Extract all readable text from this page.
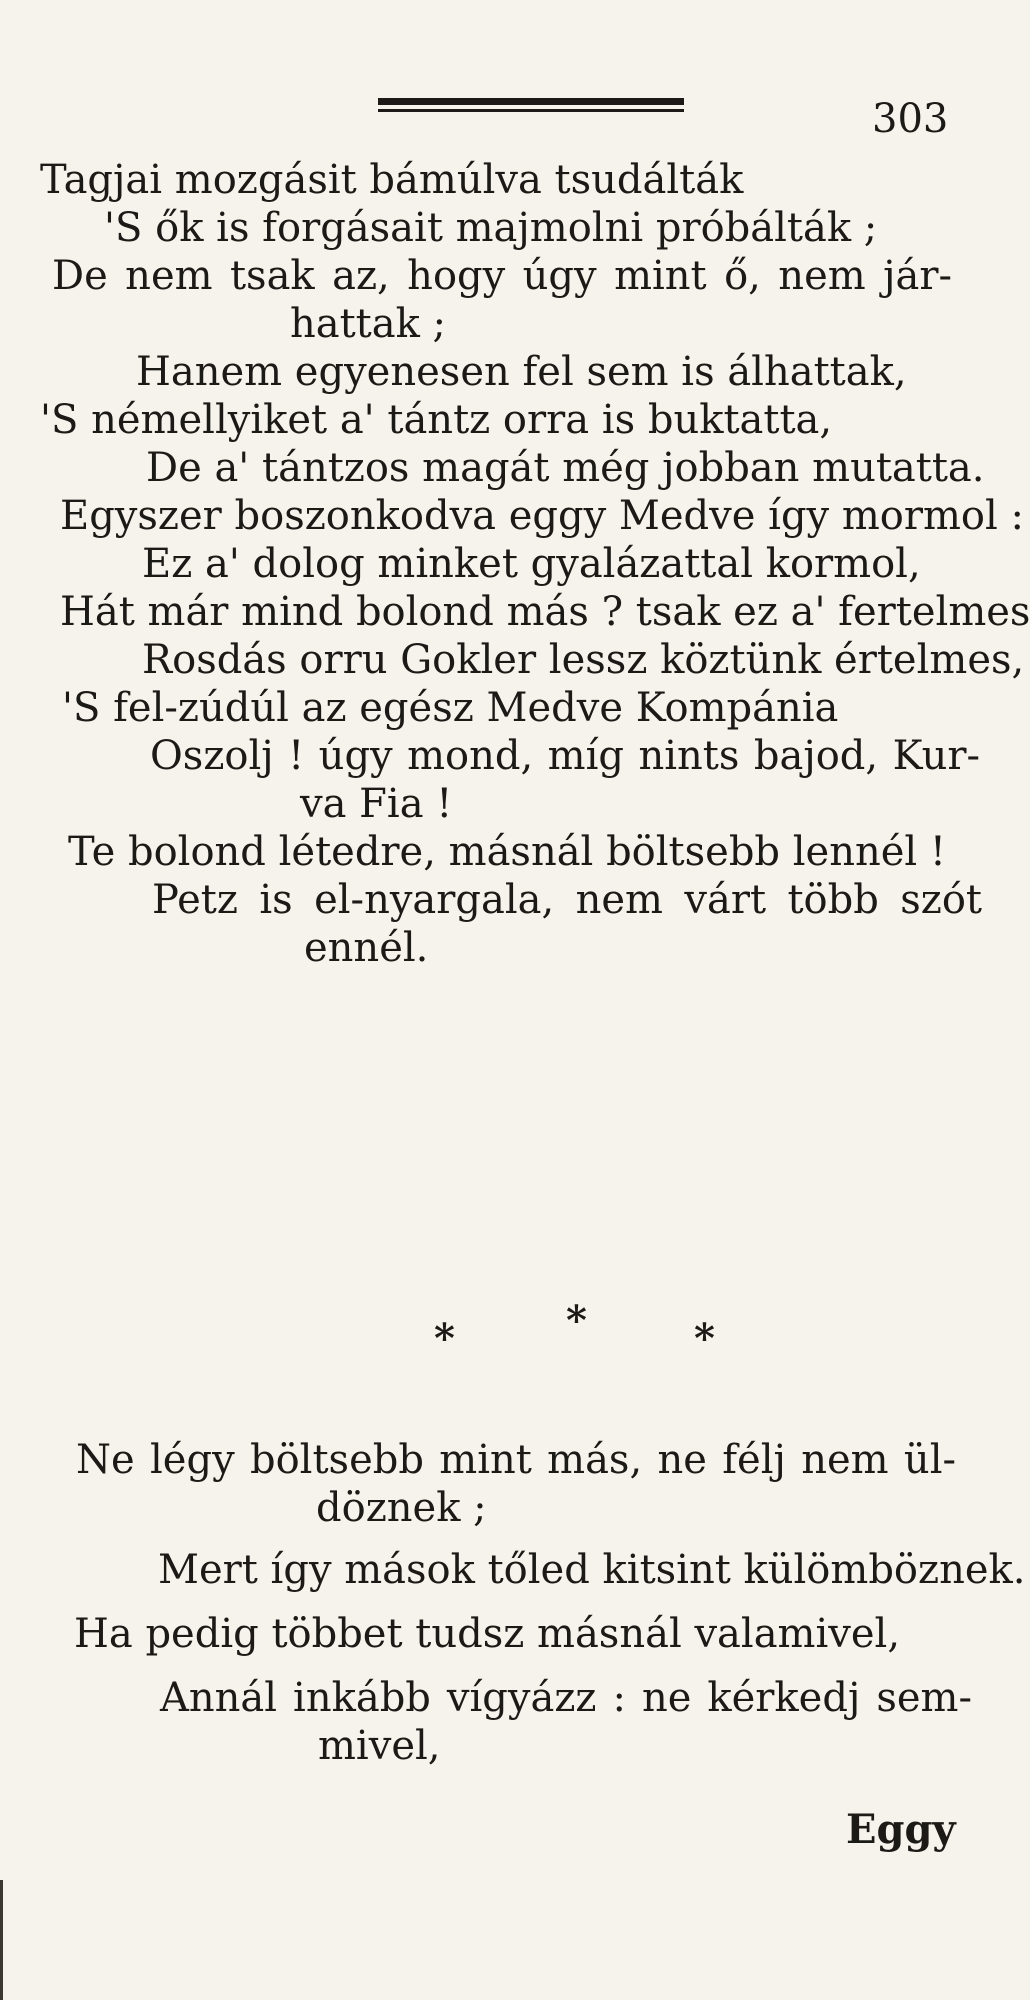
303
Tagjai mozgásit bámúlva tsudálták
'S ők is forgásait majmolni próbálták ;
De nem tsak az, hogy úgy mint ő, nem jár-
hattak ;
Hanem egyenesen fel sem is álhattak,
'S némellyiket a' tántz orra is buktatta,
De a' tántzos magát még jobban mutatta.
Egyszer boszonkodva eggy Medve így mormol :
Ez a' dolog minket gyalázattal kormol,
Hát már mind bolond más ? tsak ez a' fertelmes
Rosdás orru Gokler lessz köztünk értelmes,
'S fel-zúdúl az egész Medve Kompánia
Oszolj ! úgy mond, míg nints bajod, Kur-
va Fia !
Te bolond létedre, másnál böltsebb lennél !
Petz is el-nyargala, nem várt több szót
ennél.
*	*	*
Ne légy böltsebb mint más, ne félj nem ül-
döznek ;
Mert így mások tőled kitsint külömböznek.
Ha pedig többet tudsz másnál valamivel,
Annál inkább vígyázz : ne kérkedj sem-
mivel,
Eggy
